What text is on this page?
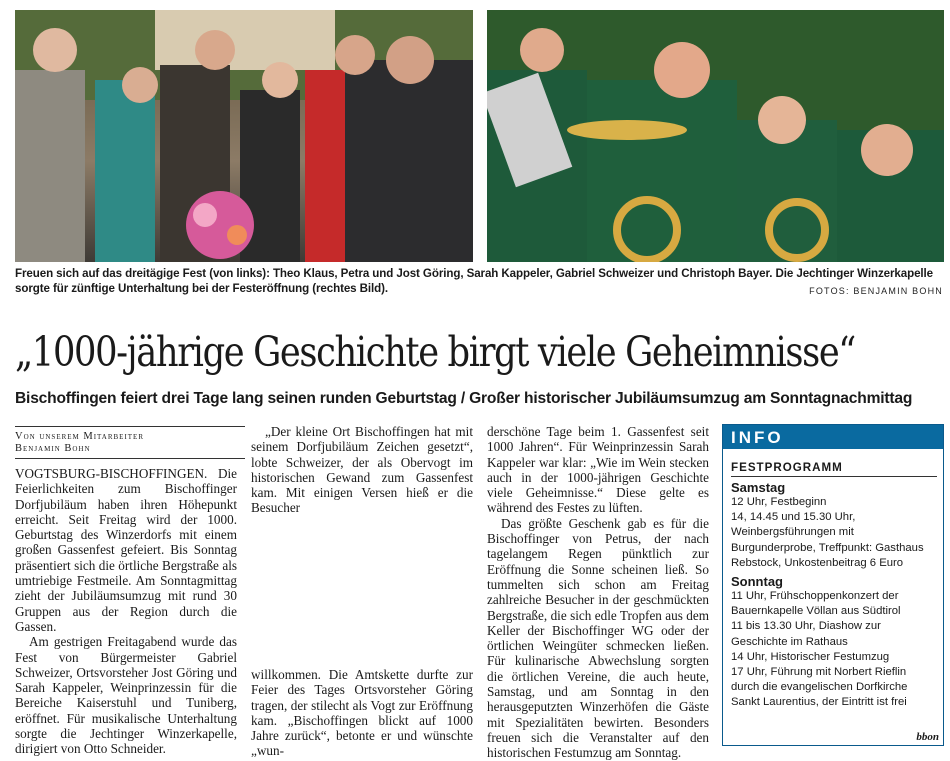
Freuen sich auf das dreitägige Fest (von links): Theo Klaus, Petra und Jost Göring, Sarah Kappeler, Gabriel Schweizer und Christoph Bayer. Die Jechtinger Winzerkapelle sorgte für zünftige Unterhaltung bei der Festeröffnung (rechtes Bild).	FOTOS: BENJAMIN BOHN
„1000-jährige Geschichte birgt viele Geheimnisse“
Bischoffingen feiert drei Tage lang seinen runden Geburtstag / Großer historischer Jubiläumsumzug am Sonntagnachmittag
Von unserem Mitarbeiter
Benjamin Bohn

VOGTSBURG-BISCHOFFINGEN. Die Feierlichkeiten zum Bischoffinger Dorfjubiläum haben ihren Höhepunkt erreicht. Seit Freitag wird der 1000. Geburtstag des Winzerdorfs mit einem großen Gassenfest gefeiert. Bis Sonntag präsentiert sich die örtliche Bergstraße als umtriebige Festmeile. Am Sonntagmittag zieht der Jubiläumsumzug mit rund 30 Gruppen aus der Region durch die Gassen.

Am gestrigen Freitagabend wurde das Fest von Bürgermeister Gabriel Schweizer, Ortsvorsteher Jost Göring und Sarah Kappeler, Weinprinzessin für die Bereiche Kaiserstuhl und Tuniberg, eröffnet. Für musikalische Unterhaltung sorgte die Jechtinger Winzerkapelle, dirigiert von Otto Schneider.

„Der kleine Ort Bischoffingen hat mit seinem Dorfjubiläum Zeichen gesetzt“, lobte Schweizer, der als Obervogt im historischen Gewand zum Gassenfest kam. Mit einigen Versen hieß er die Besucher

willkommen. Die Amtskette durfte zur Feier des Tages Ortsvorsteher Göring tragen, der stilecht als Vogt zur Eröffnung kam. „Bischoffingen blickt auf 1000 Jahre zurück“, betonte er und wünschte „wun-

derschöne Tage beim 1. Gassenfest seit 1000 Jahren“. Für Weinprinzessin Sarah Kappeler war klar: „Wie im Wein stecken auch in der 1000-jährigen Geschichte viele Geheimnisse.“ Diese gelte es während des Festes zu lüften.

Das größte Geschenk gab es für die Bischoffinger von Petrus, der nach tagelangem Regen pünktlich zur Eröffnung die Sonne scheinen ließ. So tummelten sich schon am Freitag zahlreiche Besucher in der geschmückten Bergstraße, die sich edle Tropfen aus dem Keller der Bischoffinger WG oder der örtlichen Weingüter schmecken ließen. Für kulinarische Abwechslung sorgten die örtlichen Vereine, die auch heute, Samstag, und am Sonntag in den herausgeputzten Winzerhöfen die Gäste mit Spezialitäten bewirten. Besonders freuen sich die Veranstalter auf den historischen Festumzug am Sonntag.

INFO
FESTPROGRAMM
Samstag
12 Uhr, Festbeginn
14, 14.45 und 15.30 Uhr, Weinbergsführungen mit Burgunderprobe, Treffpunkt: Gasthaus Rebstock, Unkostenbeitrag 6 Euro
Sonntag
11 Uhr, Frühschoppenkonzert der Bauernkapelle Völlan aus Südtirol
11 bis 13.30 Uhr, Diashow zur Geschichte im Rathaus
14 Uhr, Historischer Festumzug
17 Uhr, Führung mit Norbert Rieflin durch die evangelischen Dorfkirche Sankt Laurentius, der Eintritt ist frei
bbon
